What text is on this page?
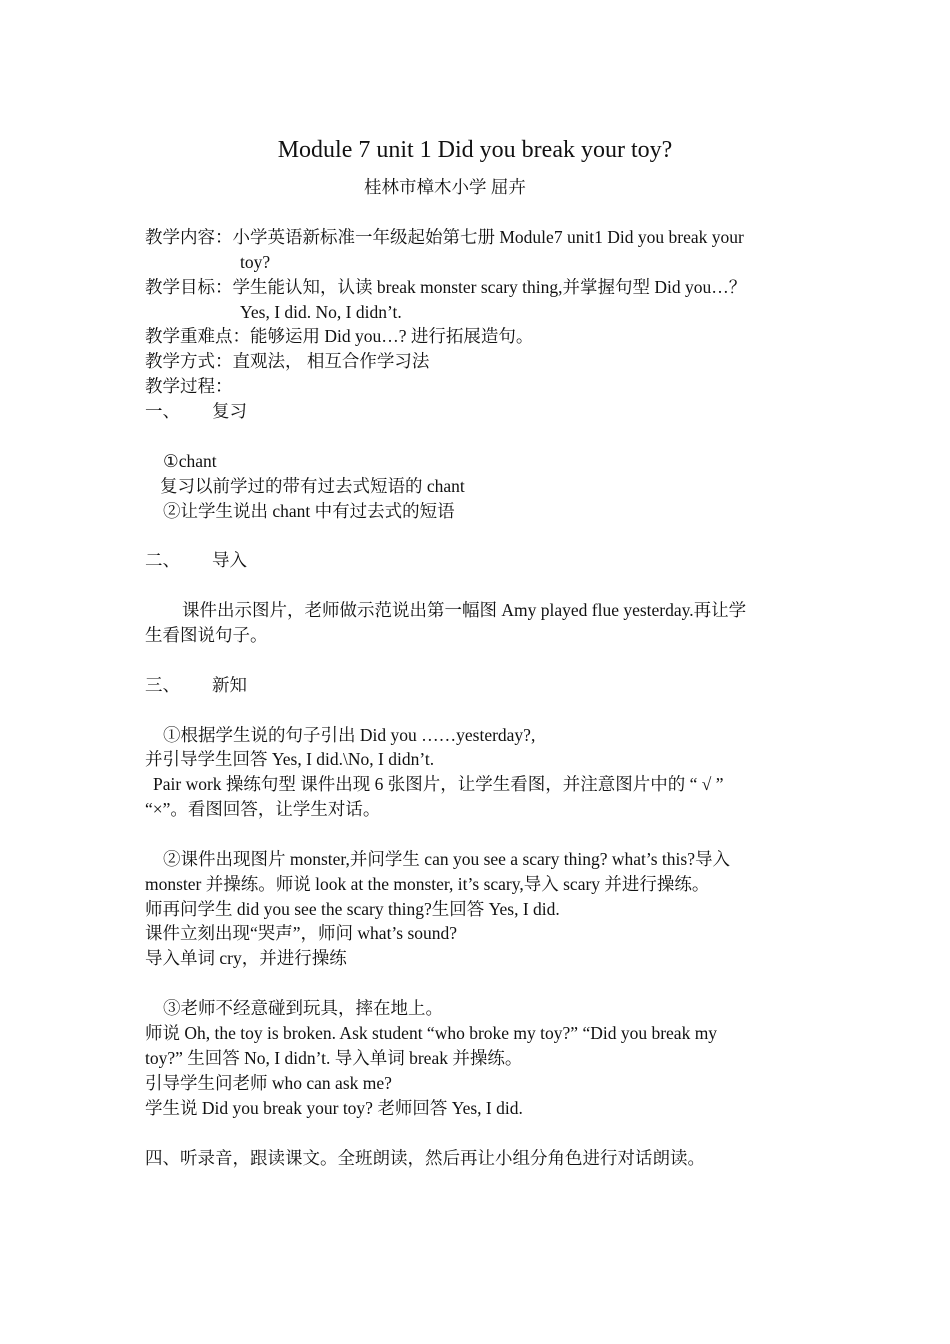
Module 7 unit 1 Did you break your toy?
桂林市樟木小学 屈卉
教学内容：小学英语新标准一年级起始第七册 Module7 unit1 Did you break your
toy?
教学目标：学生能认知，认读 break monster scary thing,并掌握句型 Did you…？
Yes, I did. No, I didn’t.
教学重难点：能够运用 Did you…? 进行拓展造句。
教学方式：直观法， 相互合作学习法
教学过程：
一、 复习
①chant
复习以前学过的带有过去式短语的 chant
②让学生说出 chant 中有过去式的短语
二、 导入
课件出示图片，老师做示范说出第一幅图 Amy played flue yesterday.再让学
生看图说句子。
三、 新知
①根据学生说的句子引出 Did you ……yesterday?,
并引导学生回答 Yes, I did.\No, I didn’t.
Pair work 操练句型 课件出现 6 张图片，让学生看图，并注意图片中的 “ √ ”
“×”。看图回答，让学生对话。
②课件出现图片 monster,并问学生 can you see a scary thing? what’s this?导入
monster 并操练。师说 look at the monster, it’s scary,导入 scary 并进行操练。
师再问学生 did you see the scary thing?生回答 Yes, I did.
课件立刻出现“哭声”，师问 what’s sound?
导入单词 cry，并进行操练
③老师不经意碰到玩具，摔在地上。
师说 Oh, the toy is broken. Ask student “who broke my toy?” “Did you break my
toy?” 生回答 No, I didn’t. 导入单词 break 并操练。
引导学生问老师 who can ask me?
学生说 Did you break your toy? 老师回答 Yes, I did.
四、听录音，跟读课文。全班朗读，然后再让小组分角色进行对话朗读。
